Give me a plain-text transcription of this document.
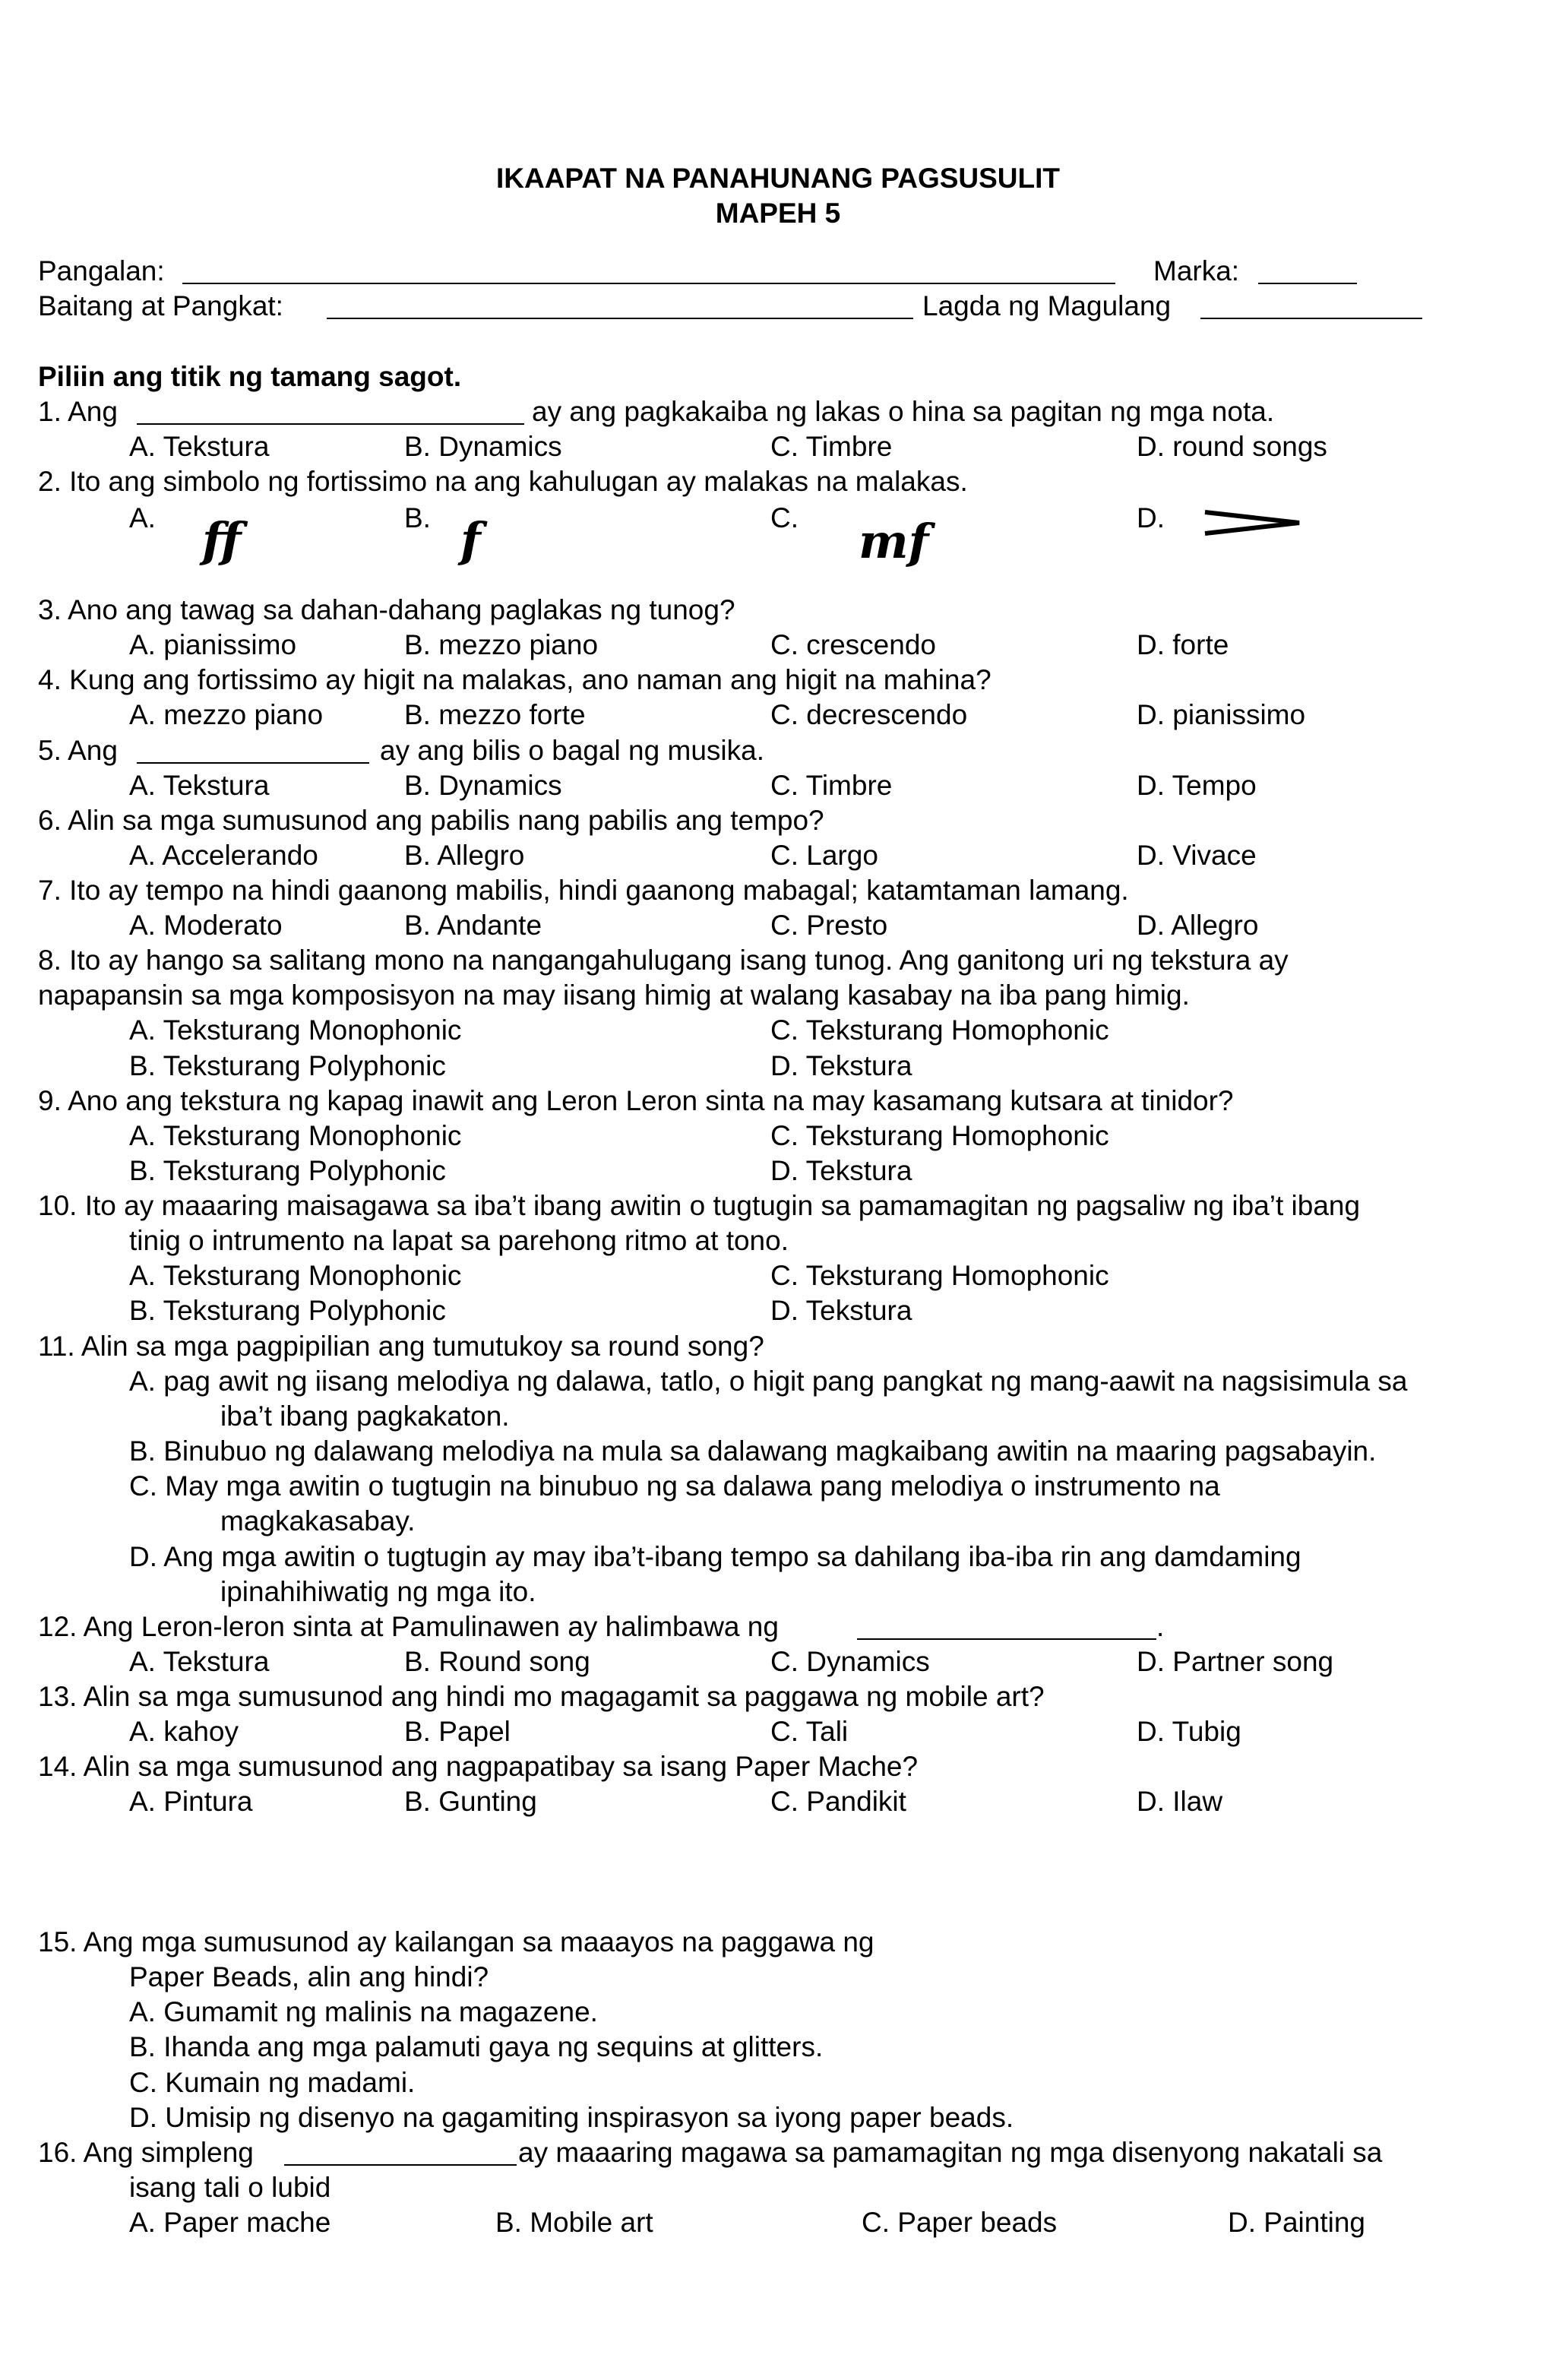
IKAAPAT NA PANAHUNANG PAGSUSULIT
MAPEH 5
Pangalan:	Marka:
Baitang at Pangkat:	Lagda ng Magulang
Piliin ang titik ng tamang sagot.
1. Ang	ay ang pagkakaiba ng lakas o hina sa pagitan ng mga nota.
A. Tekstura	B. Dynamics	C. Timbre	D. round songs
2. Ito ang simbolo ng fortissimo na ang kahulugan ay malakas na malakas.
A. ff	B. f	C. mf	D.
3. Ano ang tawag sa dahan-dahang paglakas ng tunog?
A. pianissimo	B. mezzo piano	C. crescendo	D. forte
4. Kung ang fortissimo ay higit na malakas, ano naman ang higit na mahina?
A. mezzo piano	B. mezzo forte	C. decrescendo	D. pianissimo
5. Ang	ay ang bilis o bagal ng musika.
A. Tekstura	B. Dynamics	C. Timbre	D. Tempo
6. Alin sa mga sumusunod ang pabilis nang pabilis ang tempo?
A. Accelerando	B. Allegro	C. Largo	D. Vivace
7. Ito ay tempo na hindi gaanong mabilis, hindi gaanong mabagal; katamtaman lamang.
A. Moderato	B. Andante	C. Presto	D. Allegro
8. Ito ay hango sa salitang mono na nangangahulugang isang tunog. Ang ganitong uri ng tekstura ay
napapansin sa mga komposisyon na may iisang himig at walang kasabay na iba pang himig.
A. Teksturang Monophonic	C. Teksturang Homophonic
B. Teksturang Polyphonic	D. Tekstura
9. Ano ang tekstura ng kapag inawit ang Leron Leron sinta na may kasamang kutsara at tinidor?
A. Teksturang Monophonic	C. Teksturang Homophonic
B. Teksturang Polyphonic	D. Tekstura
10. Ito ay maaaring maisagawa sa iba’t ibang awitin o tugtugin sa pamamagitan ng pagsaliw ng iba’t ibang
tinig o intrumento na lapat sa parehong ritmo at tono.
A. Teksturang Monophonic	C. Teksturang Homophonic
B. Teksturang Polyphonic	D. Tekstura
11. Alin sa mga pagpipilian ang tumutukoy sa round song?
A. pag awit ng iisang melodiya ng dalawa, tatlo, o higit pang pangkat ng mang-aawit na nagsisimula sa
iba’t ibang pagkakaton.
B. Binubuo ng dalawang melodiya na mula sa dalawang magkaibang awitin na maaring pagsabayin.
C. May mga awitin o tugtugin na binubuo ng sa dalawa pang melodiya o instrumento na
magkakasabay.
D. Ang mga awitin o tugtugin ay may iba’t-ibang tempo sa dahilang iba-iba rin ang damdaming
ipinahihiwatig ng mga ito.
12. Ang Leron-leron sinta at Pamulinawen ay halimbawa ng	.
A. Tekstura	B. Round song	C. Dynamics	D. Partner song
13. Alin sa mga sumusunod ang hindi mo magagamit sa paggawa ng mobile art?
A. kahoy	B. Papel	C. Tali	D. Tubig
14. Alin sa mga sumusunod ang nagpapatibay sa isang Paper Mache?
A. Pintura	B. Gunting	C. Pandikit	D. Ilaw
15. Ang mga sumusunod ay kailangan sa maaayos na paggawa ng
Paper Beads, alin ang hindi?
A. Gumamit ng malinis na magazene.
B. Ihanda ang mga palamuti gaya ng sequins at glitters.
C. Kumain ng madami.
D. Umisip ng disenyo na gagamiting inspirasyon sa iyong paper beads.
16. Ang simpleng	ay maaaring magawa sa pamamagitan ng mga disenyong nakatali sa
isang tali o lubid
A. Paper mache	B. Mobile art	C. Paper beads	D. Painting
